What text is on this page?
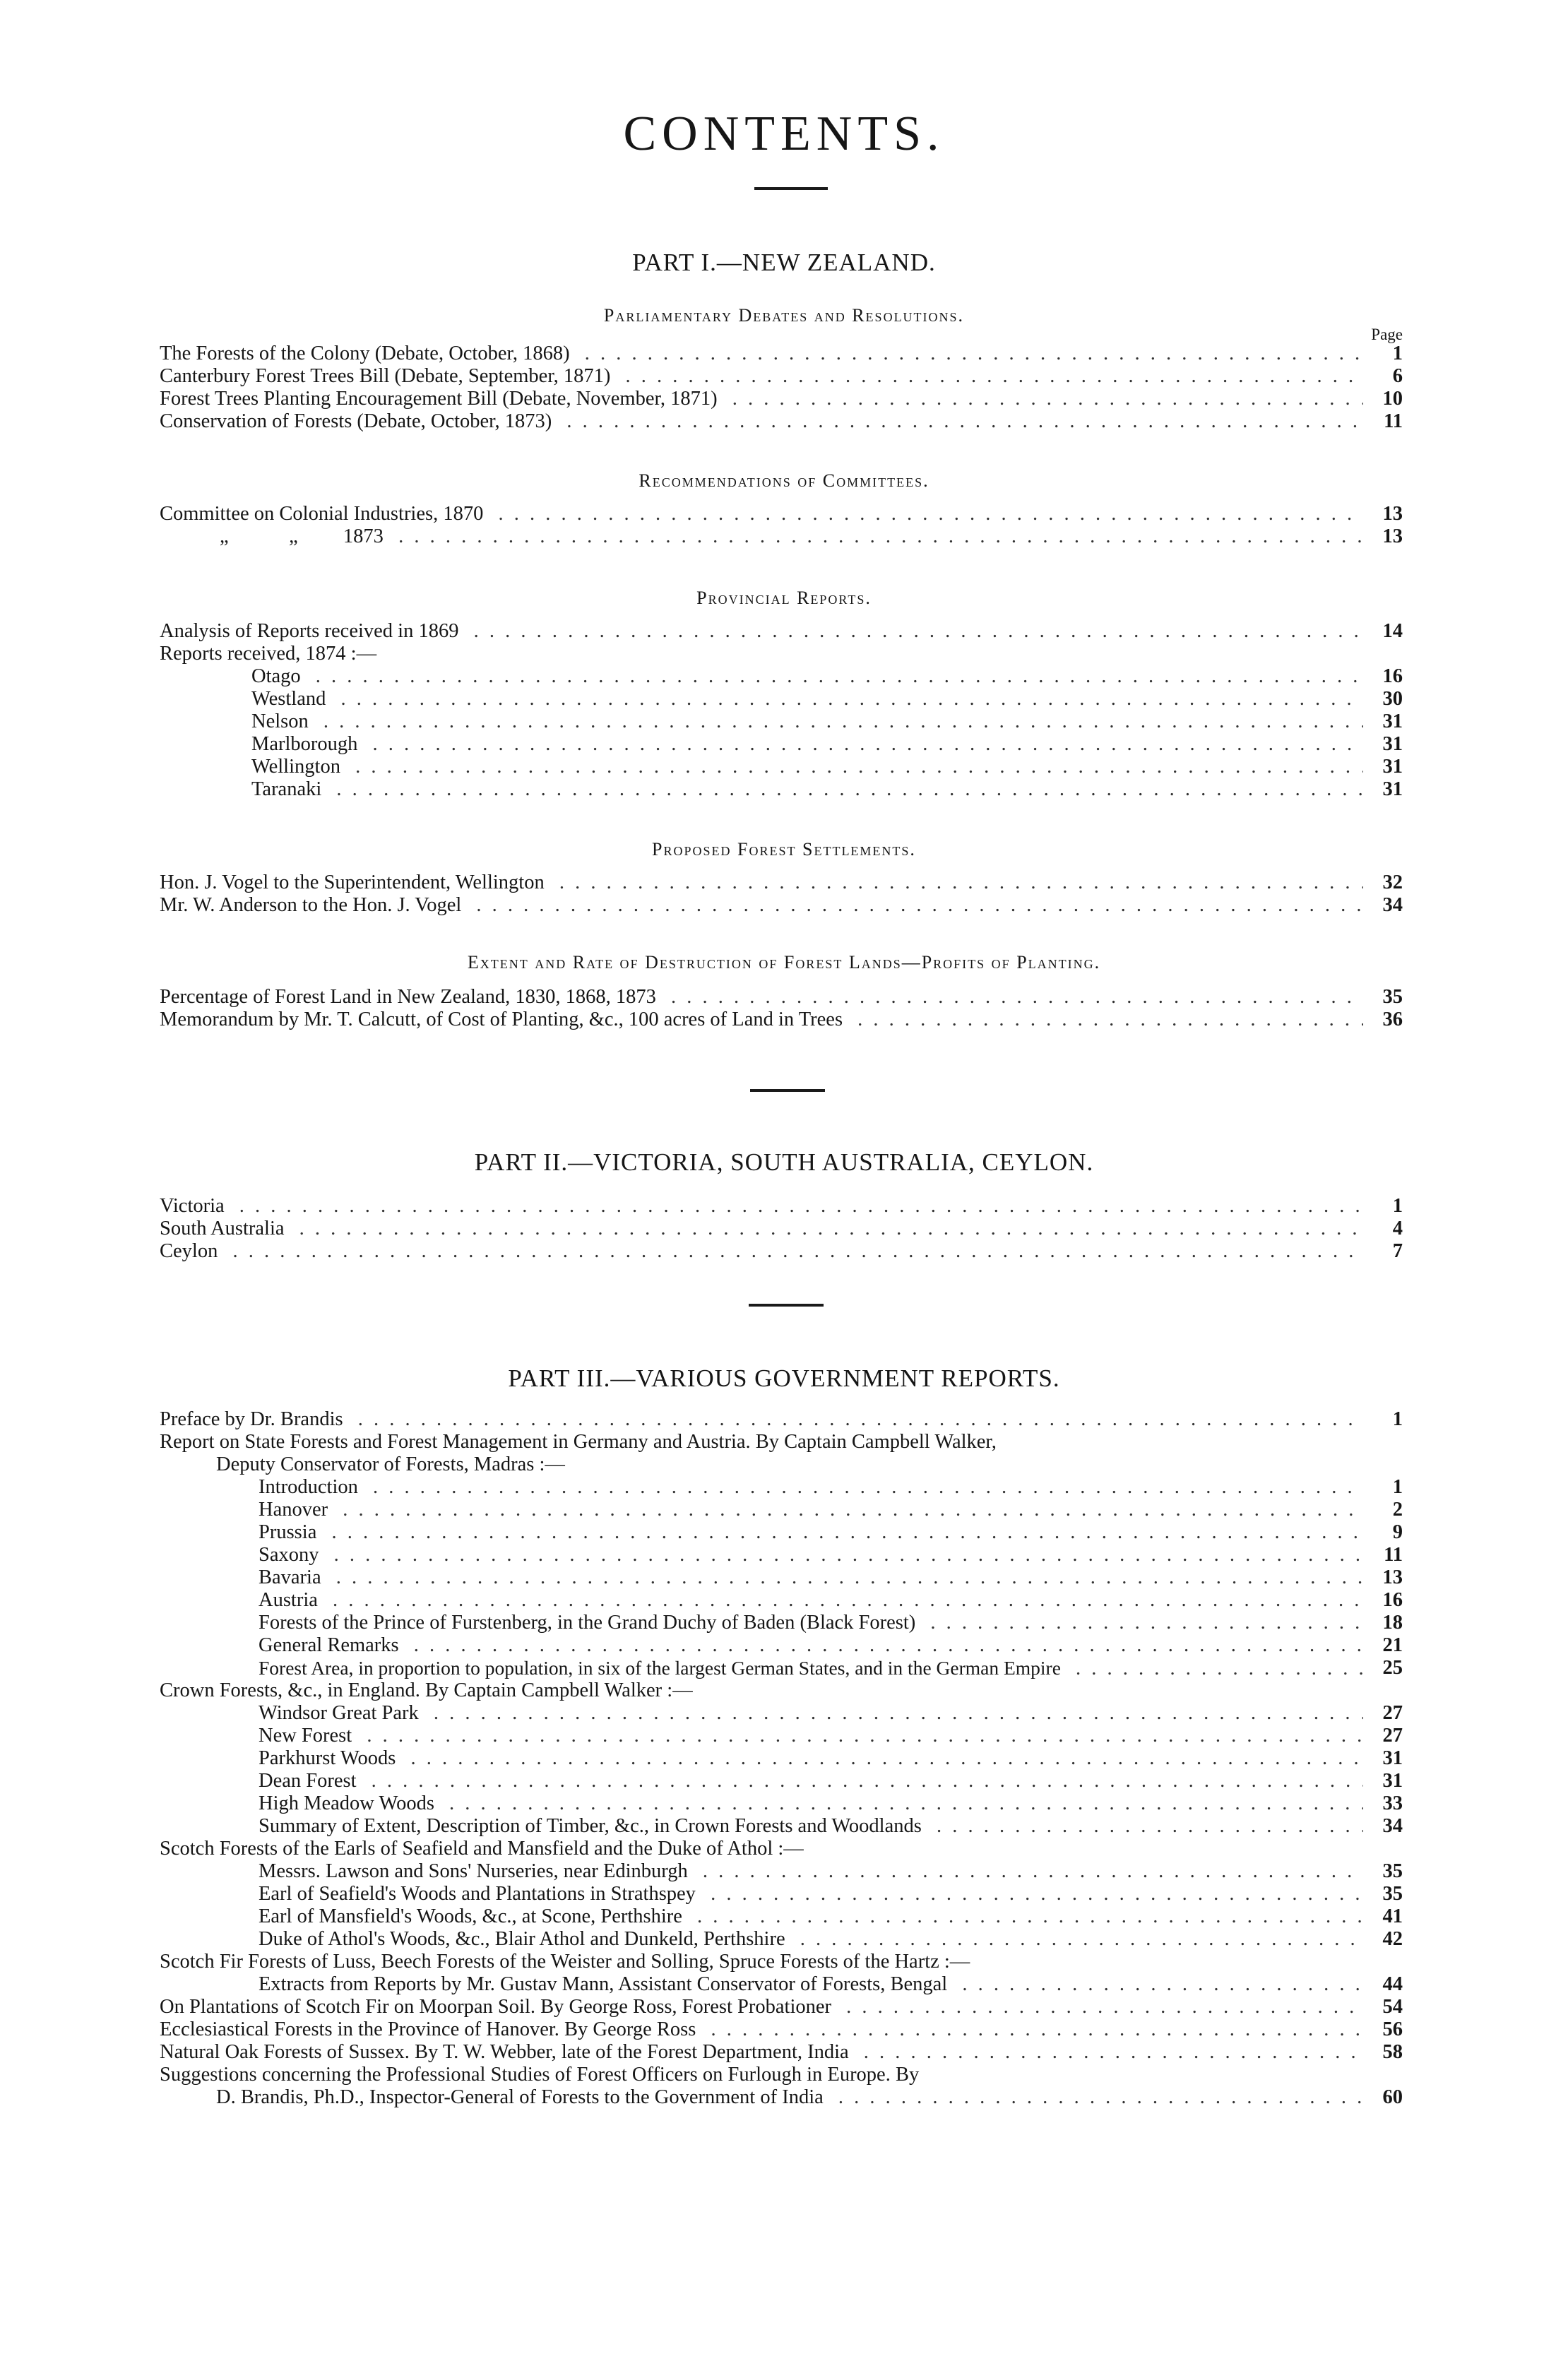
CONTENTS.
PART I.—NEW ZEALAND.
Parliamentary Debates and Resolutions.
Page
The Forests of the Colony (Debate, October, 1868) . . .	1
Canterbury Forest Trees Bill (Debate, September, 1871) . . .	6
Forest Trees Planting Encouragement Bill (Debate, November, 1871) . . .	10
Conservation of Forests (Debate, October, 1873) . . .	11
Recommendations of Committees.
Committee on Colonial Industries, 1870 . . .	13
„            „         1873 . . .	13
Provincial Reports.
Analysis of Reports received in 1869 . . .	14
Reports received, 1874 :—
Otago . . .	16
Westland . . .	30
Nelson . . .	31
Marlborough . . .	31
Wellington . . .	31
Taranaki . . .	31
Proposed Forest Settlements.
Hon. J. Vogel to the Superintendent, Wellington . . .	32
Mr. W. Anderson to the Hon. J. Vogel . . .	34
Extent and Rate of Destruction of Forest Lands—Profits of Planting.
Percentage of Forest Land in New Zealand, 1830, 1868, 1873 . . .	35
Memorandum by Mr. T. Calcutt, of Cost of Planting, &c., 100 acres of Land in Trees . . .	36
PART II.—VICTORIA, SOUTH AUSTRALIA, CEYLON.
Victoria . . .	1
South Australia . . .	4
Ceylon . . .	7
PART III.—VARIOUS GOVERNMENT REPORTS.
Preface by Dr. Brandis . . .	1
Report on State Forests and Forest Management in Germany and Austria. By Captain Campbell Walker,
Deputy Conservator of Forests, Madras :—
Introduction . . .	1
Hanover . . .	2
Prussia . . .	9
Saxony . . .	11
Bavaria . . .	13
Austria . . .	16
Forests of the Prince of Furstenberg, in the Grand Duchy of Baden (Black Forest) . . .	18
General Remarks . . .	21
Forest Area, in proportion to population, in six of the largest German States, and in the German Empire . . .	25
Crown Forests, &c., in England. By Captain Campbell Walker :—
Windsor Great Park . . .	27
New Forest . . .	27
Parkhurst Woods . . .	31
Dean Forest . . .	31
High Meadow Woods . . .	33
Summary of Extent, Description of Timber, &c., in Crown Forests and Woodlands . . .	34
Scotch Forests of the Earls of Seafield and Mansfield and the Duke of Athol :—
Messrs. Lawson and Sons' Nurseries, near Edinburgh . . .	35
Earl of Seafield's Woods and Plantations in Strathspey . . .	35
Earl of Mansfield's Woods, &c., at Scone, Perthshire . . .	41
Duke of Athol's Woods, &c., Blair Athol and Dunkeld, Perthshire . . .	42
Scotch Fir Forests of Luss, Beech Forests of the Weister and Solling, Spruce Forests of the Hartz :—
Extracts from Reports by Mr. Gustav Mann, Assistant Conservator of Forests, Bengal . . .	44
On Plantations of Scotch Fir on Moorpan Soil. By George Ross, Forest Probationer . . .	54
Ecclesiastical Forests in the Province of Hanover. By George Ross . . .	56
Natural Oak Forests of Sussex. By T. W. Webber, late of the Forest Department, India . . .	58
Suggestions concerning the Professional Studies of Forest Officers on Furlough in Europe. By
D. Brandis, Ph.D., Inspector-General of Forests to the Government of India . . .	60
